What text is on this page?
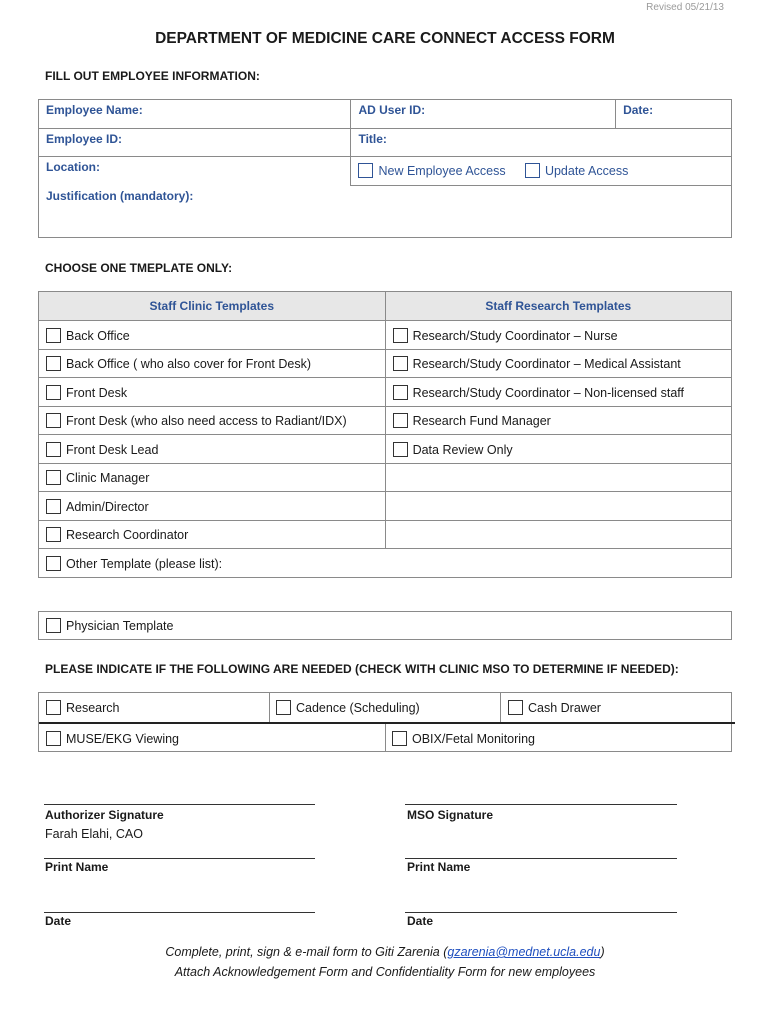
Revised 05/21/13
DEPARTMENT OF MEDICINE CARE CONNECT ACCESS FORM
FILL OUT EMPLOYEE INFORMATION:
Employee Name:	AD User ID:	Date:
Employee ID:	Title:	
Location:	New Employee Access Update Access	
Justification (mandatory):		
CHOOSE ONE TMEPLATE ONLY:
Staff Clinic Templates	Staff Research Templates
Back Office	Research/Study Coordinator – Nurse
Back Office ( who also cover for Front Desk)	Research/Study Coordinator – Medical Assistant
Front Desk	Research/Study Coordinator – Non-licensed staff
Front Desk (who also need access to Radiant/IDX)	Research Fund Manager
Front Desk Lead	Data Review Only
Clinic Manager	
Admin/Director	
Research Coordinator	
Other Template (please list):	
Physician Template
PLEASE INDICATE IF THE FOLLOWING ARE NEEDED (CHECK WITH CLINIC MSO TO DETERMINE IF NEEDED):
Research	Cadence (Scheduling)	Cash Drawer
MUSE/EKG Viewing	OBIX/Fetal Monitoring
Authorizer Signature
Farah Elahi, CAO
Print Name
Date
MSO Signature
Print Name
Date
Complete, print, sign & e-mail form to Giti Zarenia (gzarenia@mednet.ucla.edu)
Attach Acknowledgement Form and Confidentiality Form for new employees
